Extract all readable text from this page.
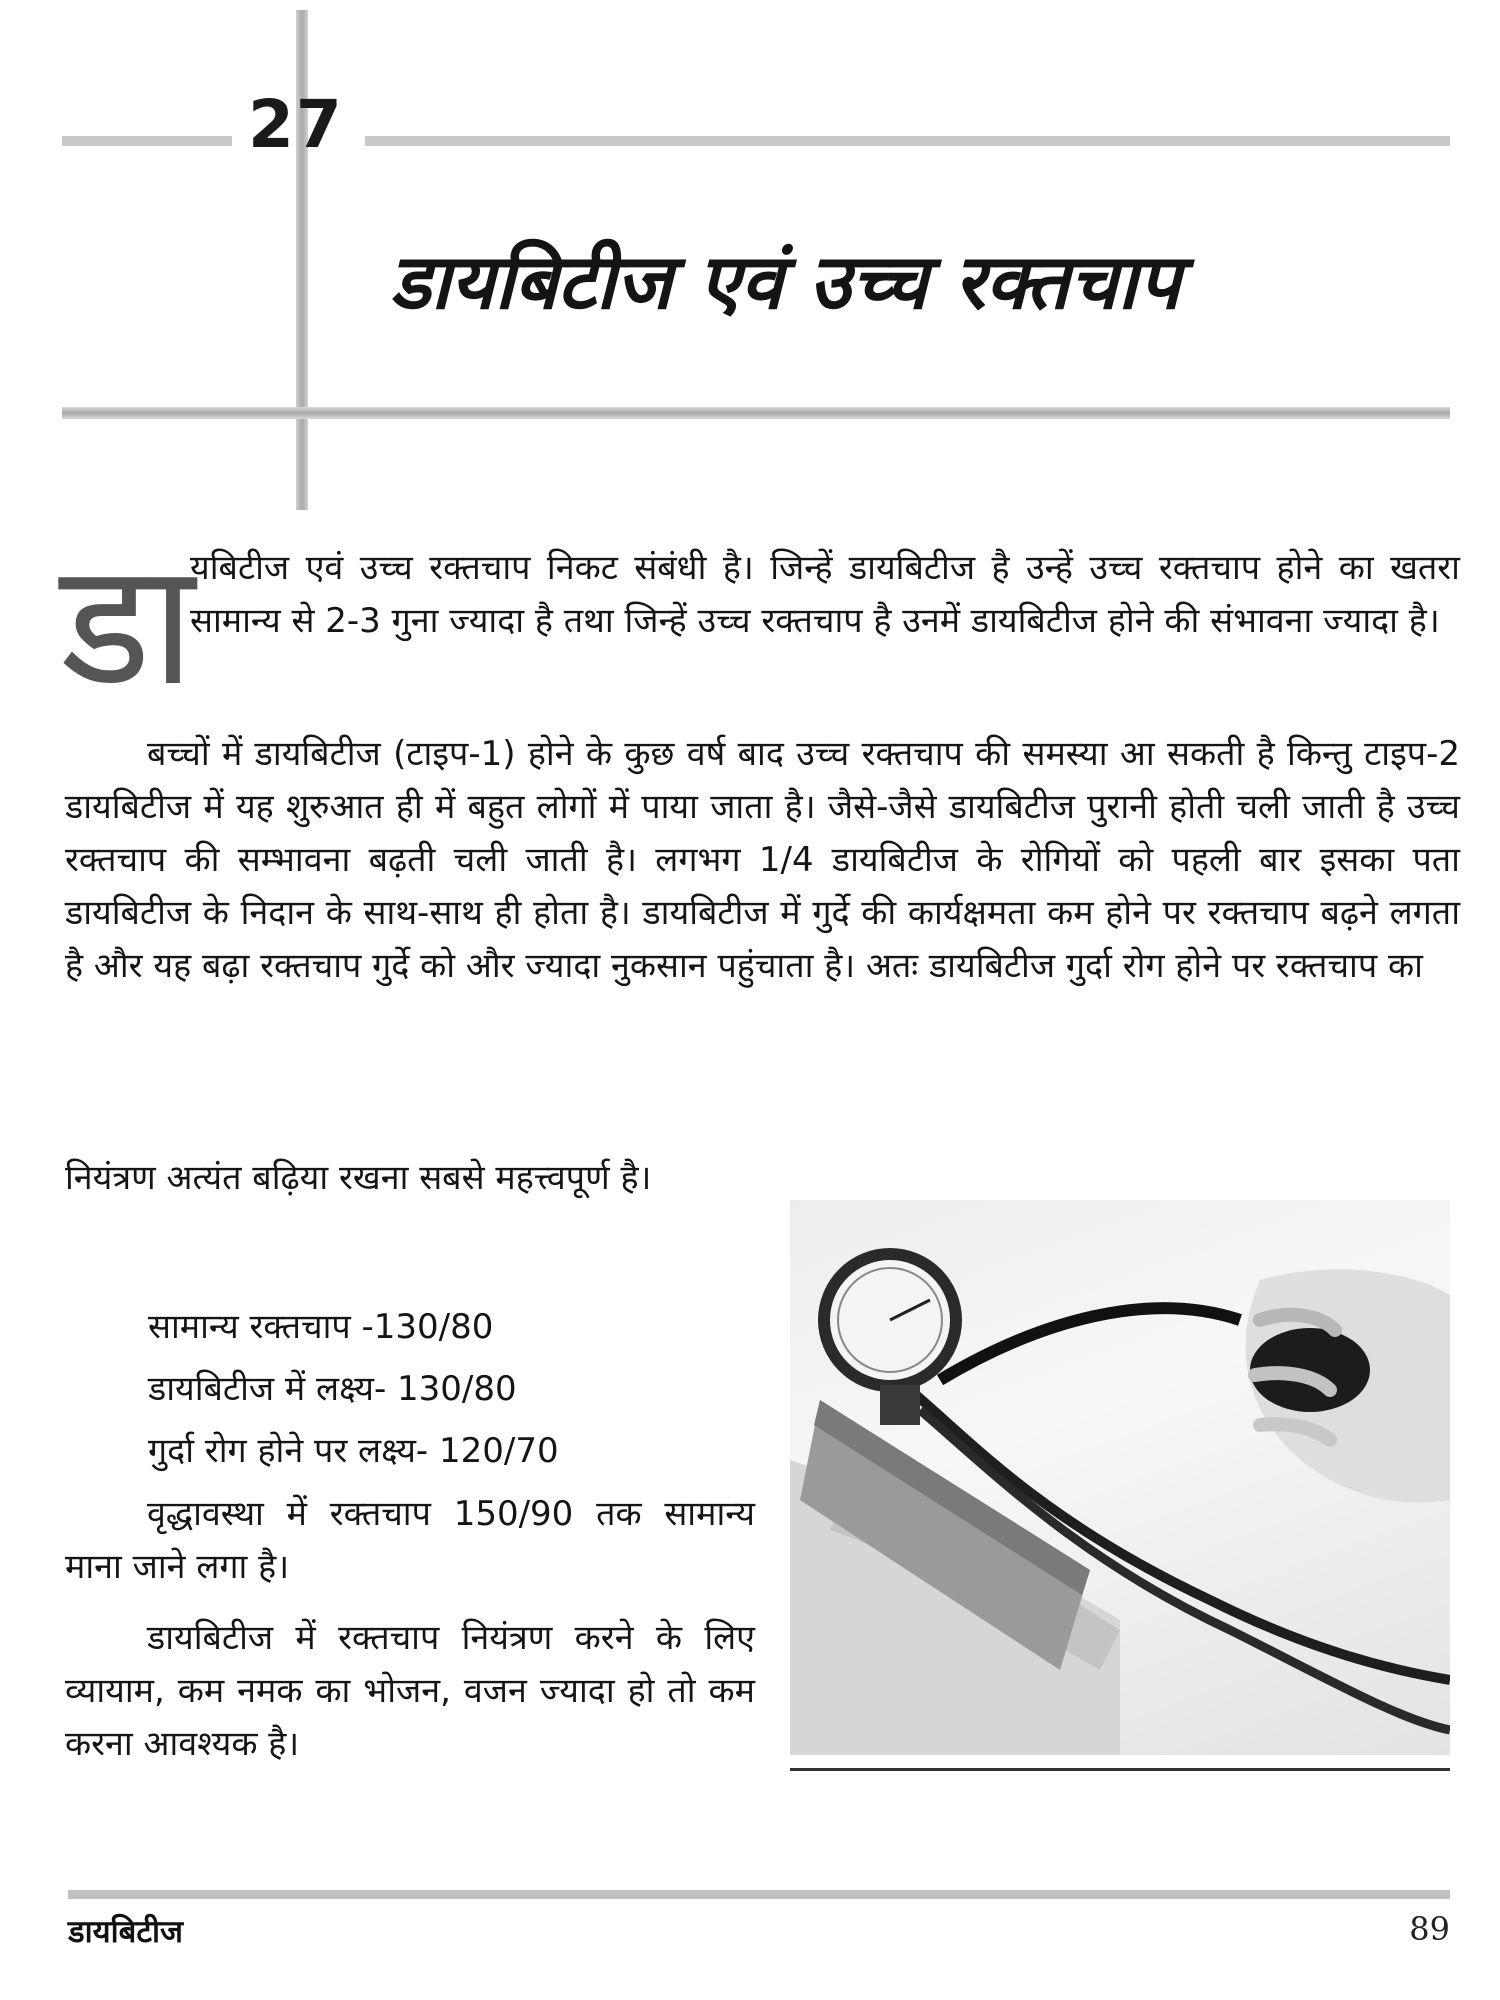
27
डायबिटीज एवं उच्च रक्तचाप
डा
यबिटीज एवं उच्च रक्तचाप निकट संबंधी है। जिन्हें डायबिटीज है उन्हें उच्च रक्तचाप होने का खतरा सामान्य से 2-3 गुना ज्यादा है तथा जिन्हें उच्च रक्तचाप है उनमें डायबिटीज होने की संभावना ज्यादा है।
बच्चों में डायबिटीज (टाइप-1) होने के कुछ वर्ष बाद उच्च रक्तचाप की समस्या आ सकती है किन्तु टाइप-2 डायबिटीज में यह शुरुआत ही में बहुत लोगों में पाया जाता है। जैसे-जैसे डायबिटीज पुरानी होती चली जाती है उच्च रक्तचाप की सम्भावना बढ़ती चली जाती है। लगभग 1/4 डायबिटीज के रोगियों को पहली बार इसका पता डायबिटीज के निदान के साथ-साथ ही होता है। डायबिटीज में गुर्दे की कार्यक्षमता कम होने पर रक्तचाप बढ़ने लगता है और यह बढ़ा रक्तचाप गुर्दे को और ज्यादा नुकसान पहुंचाता है। अतः डायबिटीज गुर्दा रोग होने पर रक्तचाप का
नियंत्रण अत्यंत बढ़िया रखना सबसे महत्त्वपूर्ण है।
सामान्य रक्तचाप -130/80
डायबिटीज में लक्ष्य- 130/80
गुर्दा रोग होने पर लक्ष्य- 120/70
वृद्धावस्था में रक्तचाप 150/90 तक सामान्य माना जाने लगा है।
डायबिटीज में रक्तचाप नियंत्रण करने के लिए व्यायाम, कम नमक का भोजन, वजन ज्यादा हो तो कम करना आवश्यक है।
डायबिटीज	89
